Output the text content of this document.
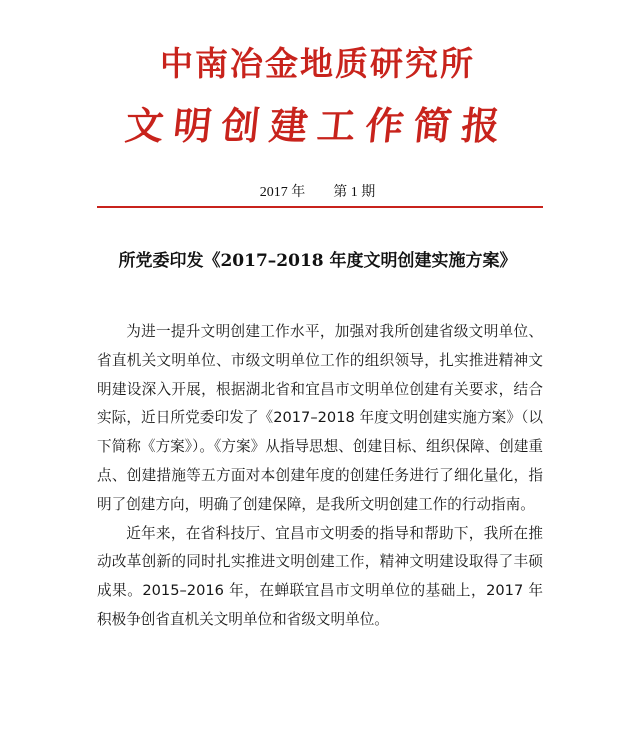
中南冶金地质研究所
文明创建工作简报
2017 年 第 1 期
所党委印发《2017–2018 年度文明创建实施方案》

为进一提升文明创建工作水平，加强对我所创建省级文明单位、省直机关文明单位、市级文明单位工作的组织领导，扎实推进精神文明建设深入开展，根据湖北省和宜昌市文明单位创建有关要求，结合实际，近日所党委印发了《2017–2018 年度文明创建实施方案》（以下简称《方案》）。《方案》从指导思想、创建目标、组织保障、创建重点、创建措施等五方面对本创建年度的创建任务进行了细化量化，指明了创建方向，明确了创建保障，是我所文明创建工作的行动指南。

近年来，在省科技厅、宜昌市文明委的指导和帮助下，我所在推动改革创新的同时扎实推进文明创建工作，精神文明建设取得了丰硕成果。2015–2016 年，在蝉联宜昌市文明单位的基础上，2017 年积极争创省直机关文明单位和省级文明单位。
